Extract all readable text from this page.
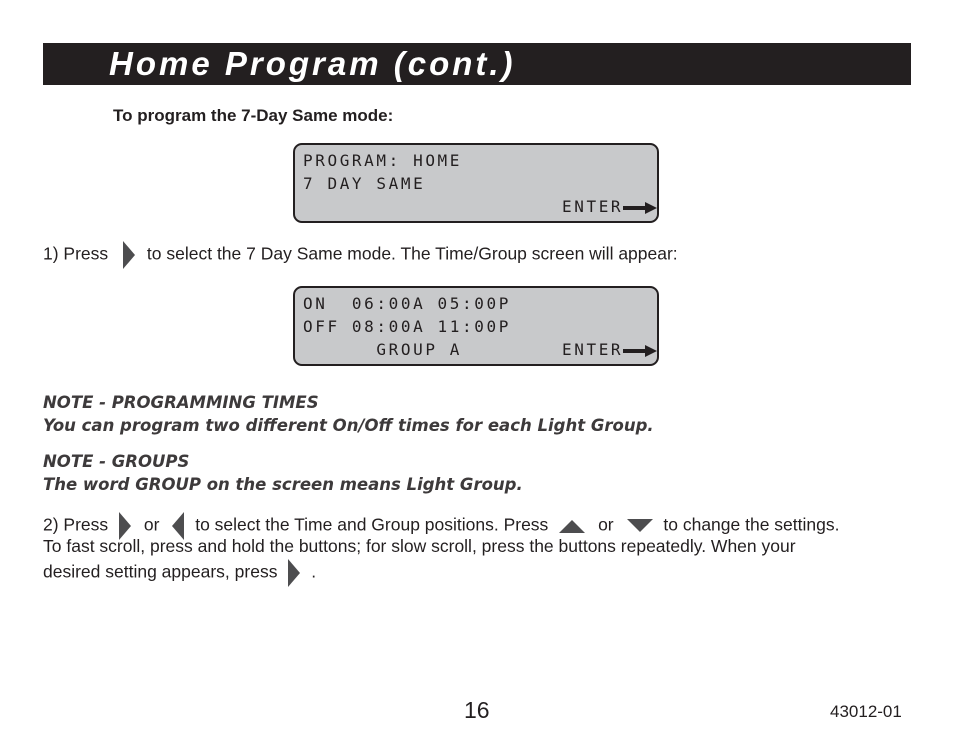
Home Program (cont.)
To program the 7-Day Same mode:
PROGRAM: HOME
7 DAY SAME
ENTER
1) Press to select the 7 Day Same mode. The Time/Group screen will appear:
ON  06:00A 05:00P
OFF 08:00A 11:00P
GROUP A	ENTER
NOTE - PROGRAMMING TIMES
You can program two different On/Off times for each Light Group.
NOTE - GROUPS
The word GROUP on the screen means Light Group.
2) Press or to select the Time and Group positions. Press	or	to change the settings.
To fast scroll, press and hold the buttons; for slow scroll, press the buttons repeatedly. When your
desired setting appears, press .
16	43012-01
